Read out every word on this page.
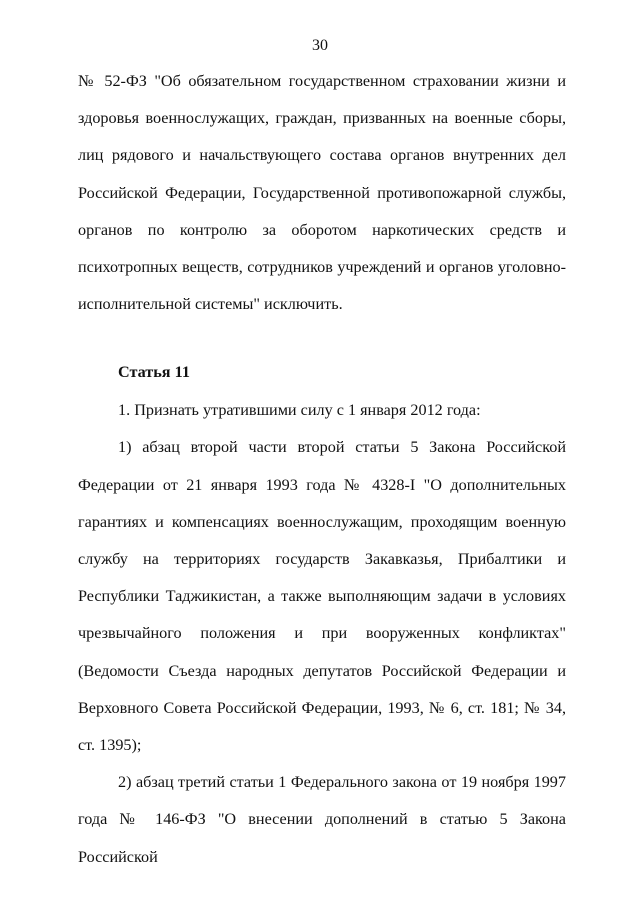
30

№ 52-ФЗ "Об обязательном государственном страховании жизни и здоровья военнослужащих, граждан, призванных на военные сборы, лиц рядового и начальствующего состава органов внутренних дел Российской Федерации, Государственной противопожарной службы, органов по контролю за оборотом наркотических средств и психотропных веществ, сотрудников учреждений и органов уголовно-исполнительной системы" исключить.

Статья 11

1. Признать утратившими силу с 1 января 2012 года:

1) абзац второй части второй статьи 5 Закона Российской Федерации от 21 января 1993 года № 4328-I "О дополнительных гарантиях и компенсациях военнослужащим, проходящим военную службу на территориях государств Закавказья, Прибалтики и Республики Таджикистан, а также выполняющим задачи в условиях чрезвычайного положения и при вооруженных конфликтах" (Ведомости Съезда народных депутатов Российской Федерации и Верховного Совета Российской Федерации, 1993, № 6, ст. 181; № 34, ст. 1395);

2) абзац третий статьи 1 Федерального закона от 19 ноября 1997 года № 146-ФЗ "О внесении дополнений в статью 5 Закона Российской
